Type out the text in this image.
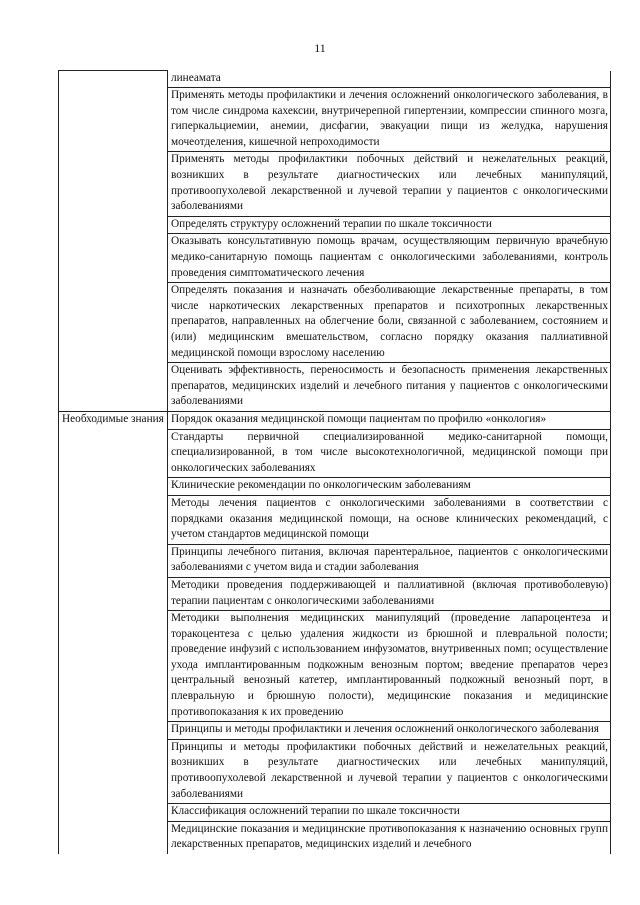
11
	линеамата
	Применять методы профилактики и лечения осложнений онкологического заболевания, в том числе синдрома кахексии, внутричерепной гипертензии, компрессии спинного мозга, гиперкальциемии, анемии, дисфагии, эвакуации пищи из желудка, нарушения мочеотделения, кишечной непроходимости
	Применять методы профилактики побочных действий и нежелательных реакций, возникших в результате диагностических или лечебных манипуляций, противоопухолевой лекарственной и лучевой терапии у пациентов с онкологическими заболеваниями
	Определять структуру осложнений терапии по шкале токсичности
	Оказывать консультативную помощь врачам, осуществляющим первичную врачебную медико-санитарную помощь пациентам с онкологическими заболеваниями, контроль проведения симптоматического лечения
	Определять показания и назначать обезболивающие лекарственные препараты, в том числе наркотических лекарственных препаратов и психотропных лекарственных препаратов, направленных на облегчение боли, связанной с заболеванием, состоянием и (или) медицинским вмешательством, согласно порядку оказания паллиативной медицинской помощи взрослому населению
	Оценивать эффективность, переносимость и безопасность применения лекарственных препаратов, медицинских изделий и лечебного питания у пациентов с онкологическими заболеваниями
Необходимые знания	Порядок оказания медицинской помощи пациентам по профилю «онкология»
	Стандарты первичной специализированной медико-санитарной помощи, специализированной, в том числе высокотехнологичной, медицинской помощи при онкологических заболеваниях
	Клинические рекомендации по онкологическим заболеваниям
	Методы лечения пациентов с онкологическими заболеваниями в соответствии с порядками оказания медицинской помощи, на основе клинических рекомендаций, с учетом стандартов медицинской помощи
	Принципы лечебного питания, включая парентеральное, пациентов с онкологическими заболеваниями с учетом вида и стадии заболевания
	Методики проведения поддерживающей и паллиативной (включая противоболевую) терапии пациентам с онкологическими заболеваниями
	Методики выполнения медицинских манипуляций (проведение лапароцентеза и торакоцентеза с целью удаления жидкости из брюшной и плевральной полости; проведение инфузий с использованием инфузоматов, внутривенных помп; осуществление ухода имплантированным подкожным венозным портом; введение препаратов через центральный венозный катетер, имплантированный подкожный венозный порт, в плевральную и брюшную полости), медицинские показания и медицинские противопоказания к их проведению
	Принципы и методы профилактики и лечения осложнений онкологического заболевания
	Принципы и методы профилактики побочных действий и нежелательных реакций, возникших в результате диагностических или лечебных манипуляций, противоопухолевой лекарственной и лучевой терапии у пациентов с онкологическими заболеваниями
	Классификация осложнений терапии по шкале токсичности
	Медицинские показания и медицинские противопоказания к назначению основных групп лекарственных препаратов, медицинских изделий и лечебного
